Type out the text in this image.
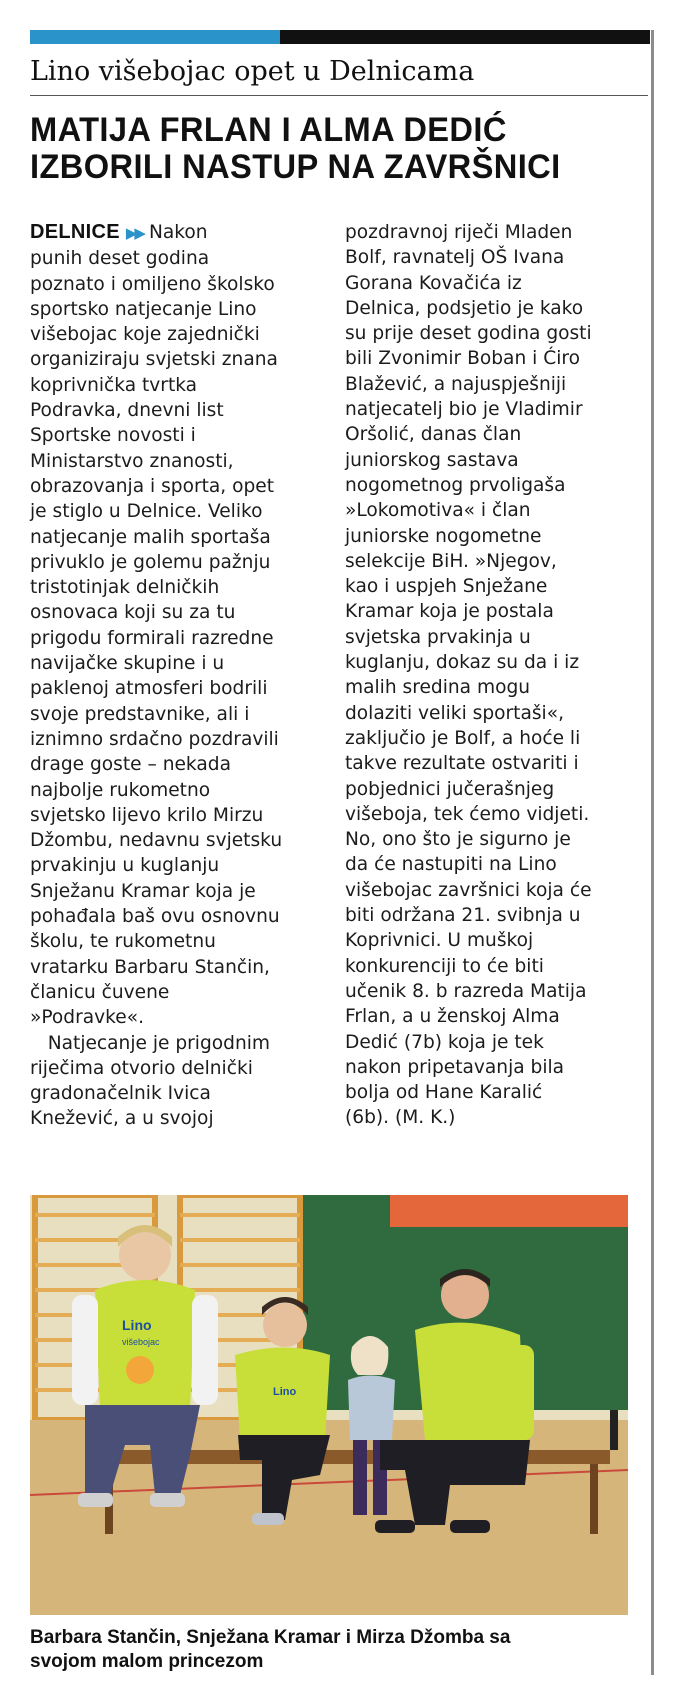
Lino višebojac opet u Delnicama
MATIJA FRLAN I ALMA DEDIĆ
IZBORILI NASTUP NA ZAVRŠNICI
DELNICE ▶▶ Nakon
punih deset godina
poznato i omiljeno školsko
sportsko natjecanje Lino
višebojac koje zajednički
organiziraju svjetski znana
koprivnička tvrtka
Podravka, dnevni list
Sportske novosti i
Ministarstvo znanosti,
obrazovanja i sporta, opet
je stiglo u Delnice. Veliko
natjecanje malih sportaša
privuklo je golemu pažnju
tristotinjak delničkih
osnovaca koji su za tu
prigodu formirali razredne
navijačke skupine i u
paklenoj atmosferi bodrili
svoje predstavnike, ali i
iznimno srdačno pozdravili
drage goste – nekada
najbolje rukometno
svjetsko lijevo krilo Mirzu
Džombu, nedavnu svjetsku
prvakinju u kuglanju
Snježanu Kramar koja je
pohađala baš ovu osnovnu
školu, te rukometnu
vratarku Barbaru Stančin,
članicu čuvene
»Podravke«.
Natjecanje je prigodnim
riječima otvorio delnički
gradonačelnik Ivica
Knežević, a u svojoj
pozdravnoj riječi Mladen
Bolf, ravnatelj OŠ Ivana
Gorana Kovačića iz
Delnica, podsjetio je kako
su prije deset godina gosti
bili Zvonimir Boban i Ćiro
Blažević, a najuspješniji
natjecatelj bio je Vladimir
Oršolić, danas član
juniorskog sastava
nogometnog prvoligaša
»Lokomotiva« i član
juniorske nogometne
selekcije BiH. »Njegov,
kao i uspjeh Snježane
Kramar koja je postala
svjetska prvakinja u
kuglanju, dokaz su da i iz
malih sredina mogu
dolaziti veliki sportaši«,
zaključio je Bolf, a hoće li
takve rezultate ostvariti i
pobjednici jučerašnjeg
višeboja, tek ćemo vidjeti.
No, ono što je sigurno je
da će nastupiti na Lino
višebojac završnici koja će
biti održana 21. svibnja u
Koprivnici. U muškoj
konkurenciji to će biti
učenik 8. b razreda Matija
Frlan, a u ženskoj Alma
Dedić (7b) koja je tek
nakon pripetavanja bila
bolja od Hane Karalić
(6b). (M. K.)
Lino
višebojac
Lino
Barbara Stančin, Snježana Kramar i Mirza Džomba sa
svojom malom princezom
